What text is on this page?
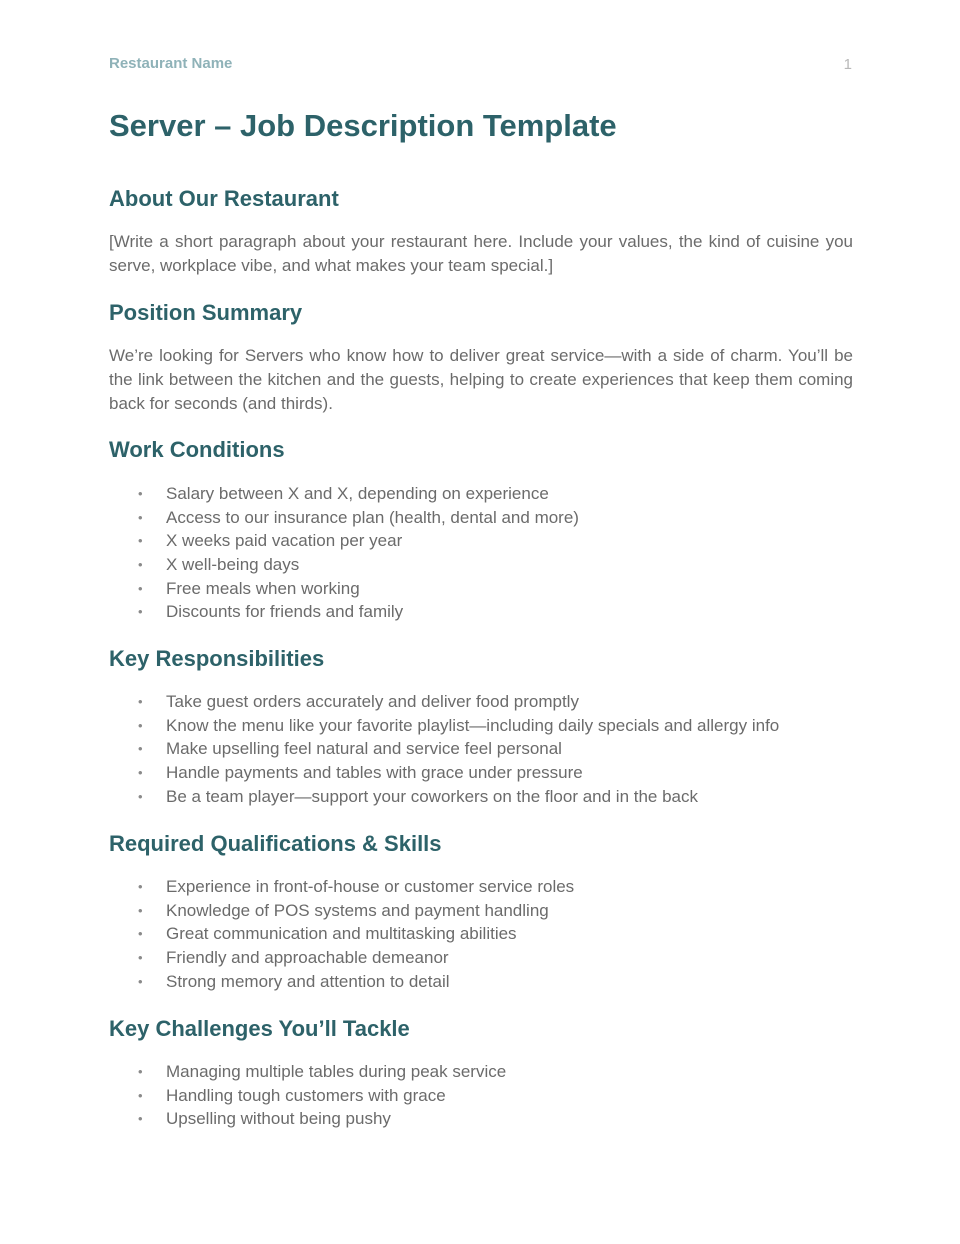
Restaurant Name	1
Server – Job Description Template
About Our Restaurant

[Write a short paragraph about your restaurant here. Include your values, the kind of cuisine you serve, workplace vibe, and what makes your team special.]

Position Summary

We’re looking for Servers who know how to deliver great service—with a side of charm. You’ll be the link between the kitchen and the guests, helping to create experiences that keep them coming back for seconds (and thirds).

Work Conditions
• Salary between X and X, depending on experience
• Access to our insurance plan (health, dental and more)
• X weeks paid vacation per year
• X well-being days
• Free meals when working
• Discounts for friends and family
Key Responsibilities
• Take guest orders accurately and deliver food promptly
• Know the menu like your favorite playlist—including daily specials and allergy info
• Make upselling feel natural and service feel personal
• Handle payments and tables with grace under pressure
• Be a team player—support your coworkers on the floor and in the back
Required Qualifications & Skills
• Experience in front-of-house or customer service roles
• Knowledge of POS systems and payment handling
• Great communication and multitasking abilities
• Friendly and approachable demeanor
• Strong memory and attention to detail
Key Challenges You’ll Tackle
• Managing multiple tables during peak service
• Handling tough customers with grace
• Upselling without being pushy
